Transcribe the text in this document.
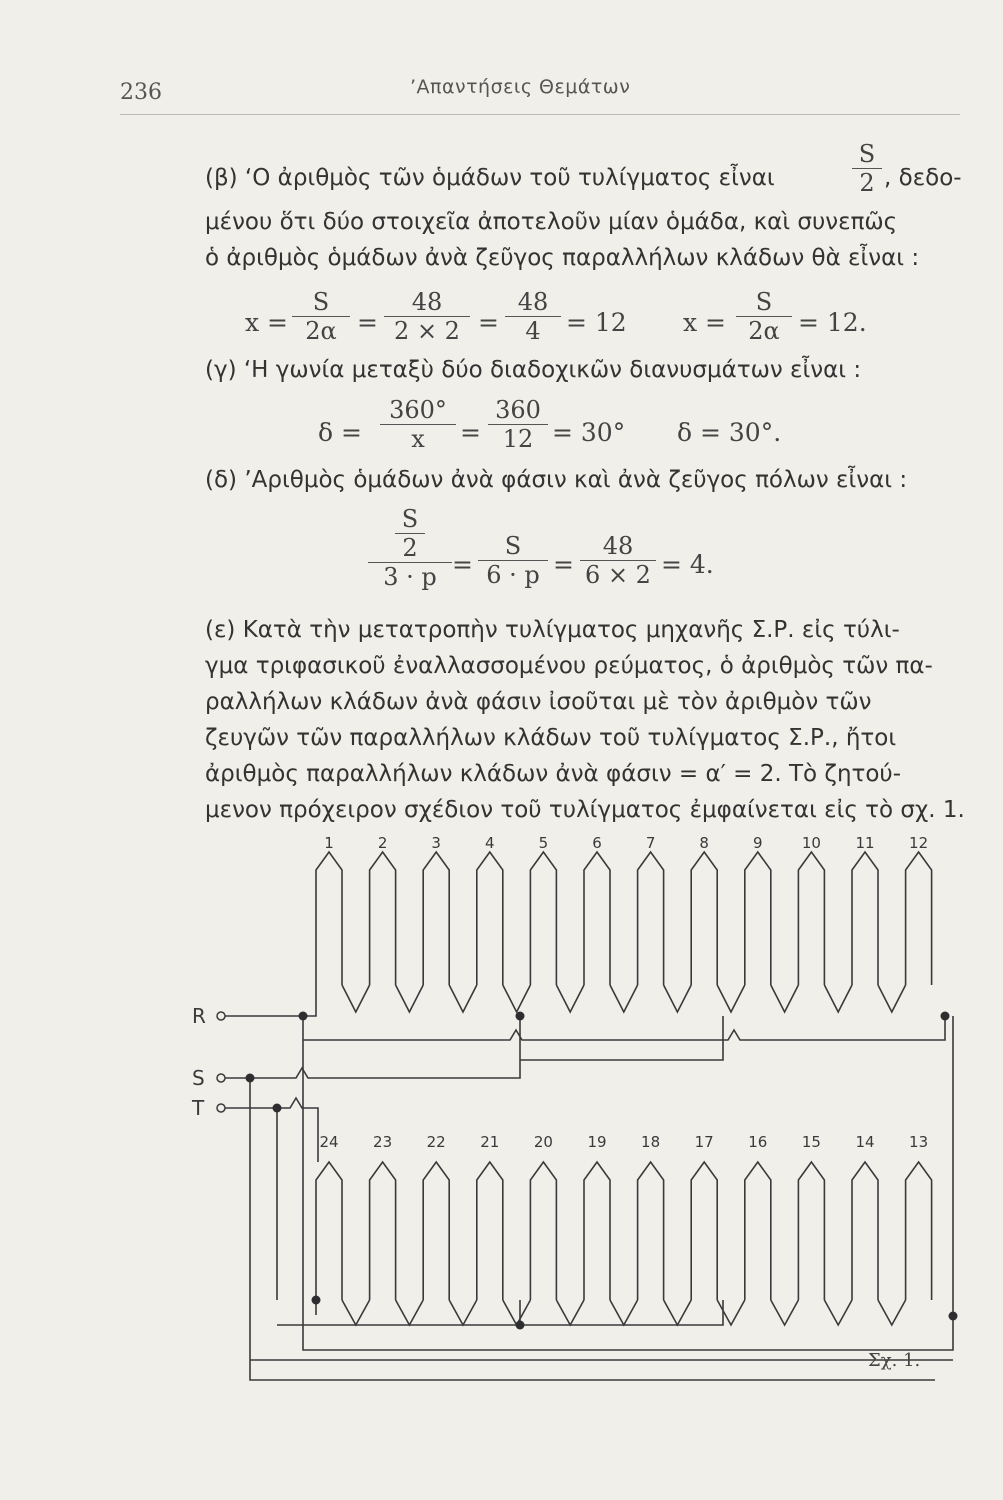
236	’Απαντήσεις Θεμάτων
(β) ‘Ο ἀριθμὸς τῶν ὁμάδων τοῦ τυλίγματος εἶναι	$\frac{S}{2}$ , δεδο-
μένου ὅτι δύο στοιχεῖα ἀποτελοῦν μίαν ὁμάδα, καὶ συνεπῶς
ὁ ἀριθμὸς ὁμάδων ἀνὰ ζεῦγος παραλλήλων κλάδων θὰ εἶναι :
$x = \frac{S}{2\alpha} = \frac{48}{2 \times 2} = \frac{48}{4} = 12$ $x = \frac{S}{2\alpha} = 12$.
(γ) ‘Η γωνία μεταξὺ δύο διαδοχικῶν διανυσμάτων εἶναι :
$\delta = \frac{360^\circ}{x} = \frac{360}{12} = 30^\circ$ δ = 30°.
(δ) ’Αριθμὸς ὁμάδων ἀνὰ φάσιν καὶ ἀνὰ ζεῦγος πόλων εἶναι :
S
2
$3 \cdot p = \frac{S}{6 \cdot p} = \frac{48}{6 \times 2} = 4$.
(ε) Κατὰ τὴν μετατροπὴν τυλίγματος μηχανῆς Σ.Ρ. εἰς τύλι-
γμα τριφασικοῦ ἐναλλασσομένου ρεύματος, ὁ ἀριθμὸς τῶν πα-
ραλλήλων κλάδων ἀνὰ φάσιν ἰσοῦται μὲ τὸν ἀριθμὸν τῶν
ζευγῶν τῶν παραλλήλων κλάδων τοῦ τυλίγματος Σ.Ρ., ἤτοι
ἀριθμὸς παραλλήλων κλάδων ἀνὰ φάσιν = α′ = 2. Τὸ ζητού-
μενον πρόχειρον σχέδιον τοῦ τυλίγματος ἐμφαίνεται εἰς τὸ σχ. 1.
1	2	3	4	5	6	7	8	9	10 11 12
24 23 22 21 20 19 18 17 16 15 14 13
R
S
T
Σχ. 1.
